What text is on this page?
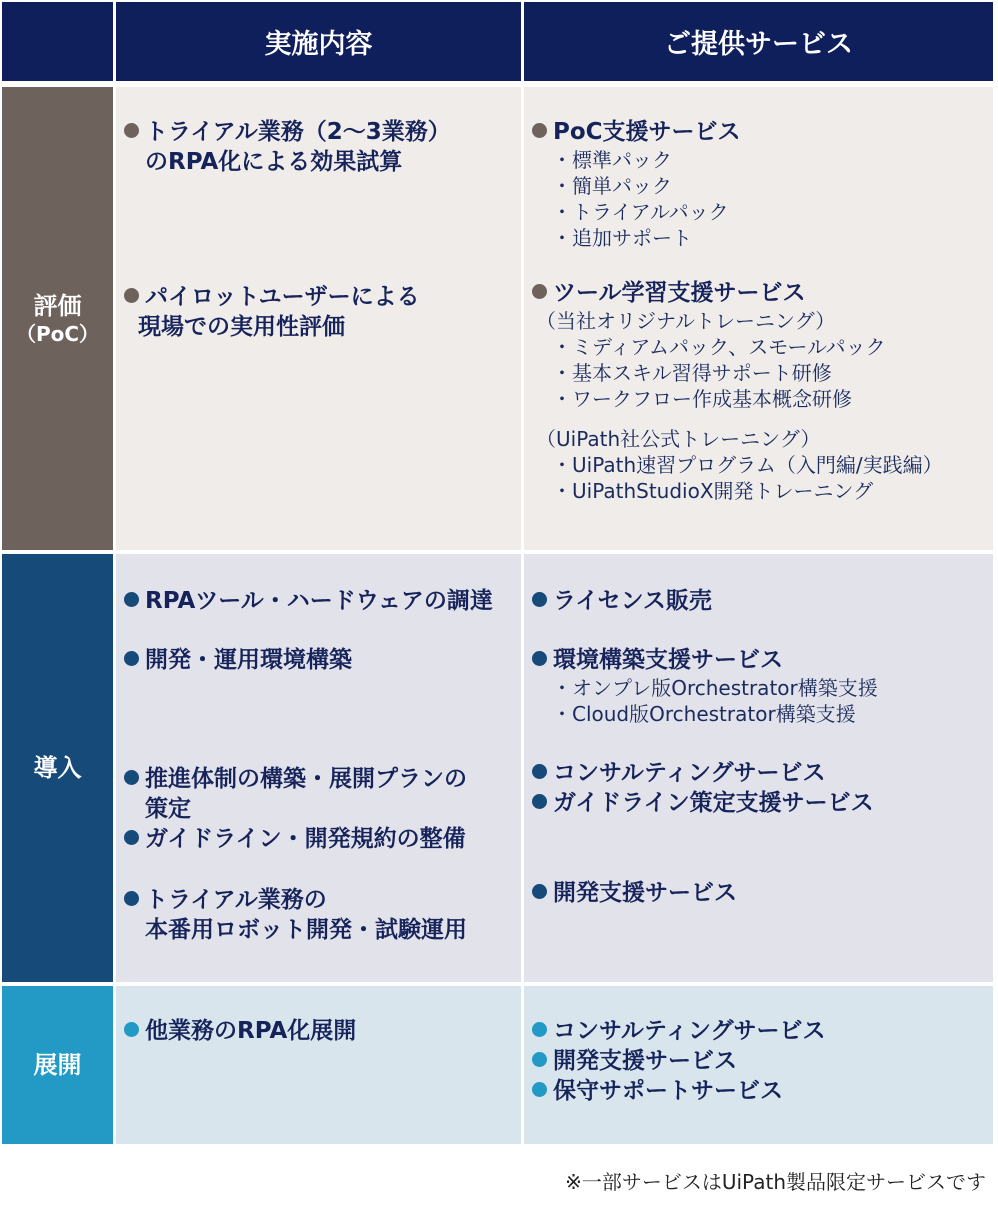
実施内容	ご提供サービス
評価
（PoC）
トライアル業務（2～3業務）
のRPA化による効果試算
パイロットユーザーによる
現場での実用性評価
PoC支援サービス
・標準パック
・簡単パック
・トライアルパック
・追加サポート
ツール学習支援サービス
（当社オリジナルトレーニング）
・ミディアムパック、スモールパック
・基本スキル習得サポート研修
・ワークフロー作成基本概念研修
（UiPath社公式トレーニング）
・UiPath速習プログラム（入門編/実践編）
・UiPathStudioX開発トレーニング
導入
RPAツール・ハードウェアの調達
開発・運用環境構築
推進体制の構築・展開プランの
策定
ガイドライン・開発規約の整備
トライアル業務の
本番用ロボット開発・試験運用
ライセンス販売
環境構築支援サービス
・オンプレ版Orchestrator構築支援
・Cloud版Orchestrator構築支援
コンサルティングサービス
ガイドライン策定支援サービス
開発支援サービス
展開
他業務のRPA化展開	コンサルティングサービス
開発支援サービス
保守サポートサービス
※一部サービスはUiPath製品限定サービスです
